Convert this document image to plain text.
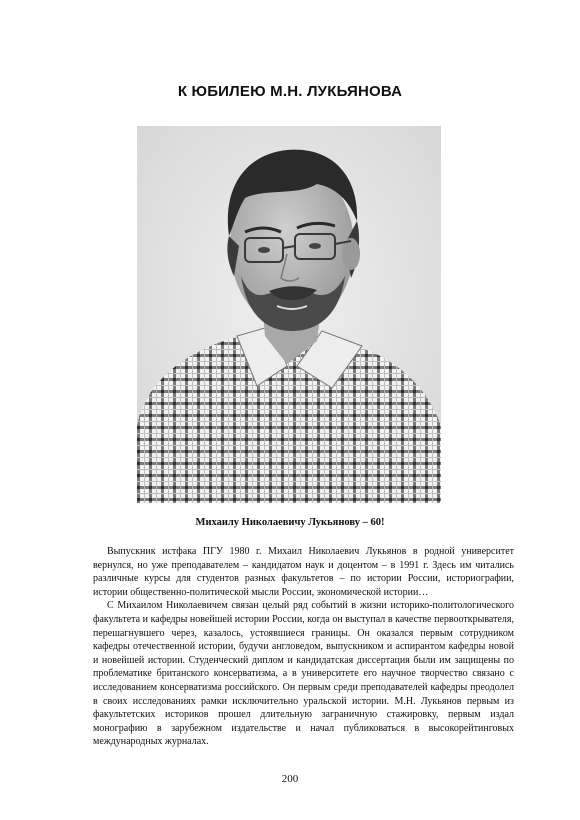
К ЮБИЛЕЮ М.Н. ЛУКЬЯНОВА
Михаилу Николаевичу Лукьянову – 60!

Выпускник истфака ПГУ 1980 г. Михаил Николаевич Лукьянов в родной университет вернулся, но уже преподавателем – кандидатом наук и доцентом – в 1991 г. Здесь им читались различные курсы для студентов разных факультетов – по истории России, историографии, истории общественно-политической мысли России, экономической истории…

С Михаилом Николаевичем связан целый ряд событий в жизни историко-политологического факультета и кафедры новейшей истории России, когда он выступал в качестве первооткрывателя, перешагнувшего через, казалось, устоявшиеся границы. Он оказался первым сотрудником кафедры отечественной истории, будучи англоведом, выпускником и аспирантом кафедры новой и новейшей истории. Студенческий диплом и кандидатская диссертация были им защищены по проблематике британского консерватизма, а в университете его научное творчество связано с исследованием консерватизма российского. Он первым среди преподавателей кафедры преодолел в своих исследованиях рамки исключительно уральской истории. М.Н. Лукьянов первым из факультетских историков прошел длительную заграничную стажировку, первым издал монографию в зарубежном издательстве и начал публиковаться в высокорейтинговых международных журналах.

200
